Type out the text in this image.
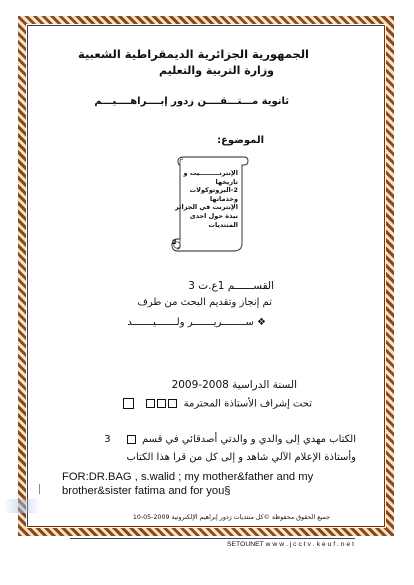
الجمهورية الجزائرية الديمقراطية الشعبية
وزارة التربية والتعليم
ثانوية مـــتـــقــــن زدور إبــــراهــــيـــم
الموضوع:
الإنترنـــــــــيت و
تاريخها
2-البروتوكولات
وخدماتها
الإنترنت في الجزائر
نبذة حول احدى
المنتديات
2
القســــــم 1ع.ت 3
تم إنجاز وتقديم البحث من طرف
❖ ســــــــريـــــــر ولـــــــيـــــــد
السنة الدراسية 2008-2009
تحت إشراف الأستاذة المحترمة
الكتاب مهدي إلى والدي و والدتي أصدقائي في قسم  3
وأستاذة الإعلام الآلي شاهد و إلى كل من قرا هذا الكتاب
FOR:DR.BAG , s.walid ; my mother&father and my brother&sister fatima and for you§
جميع الحقوق محفوظة ©كل منتديات زدور إبراهيم الإلكترونية 2009-05-10
SETOUNET w w w . j c c t v . k e u f . n e t
